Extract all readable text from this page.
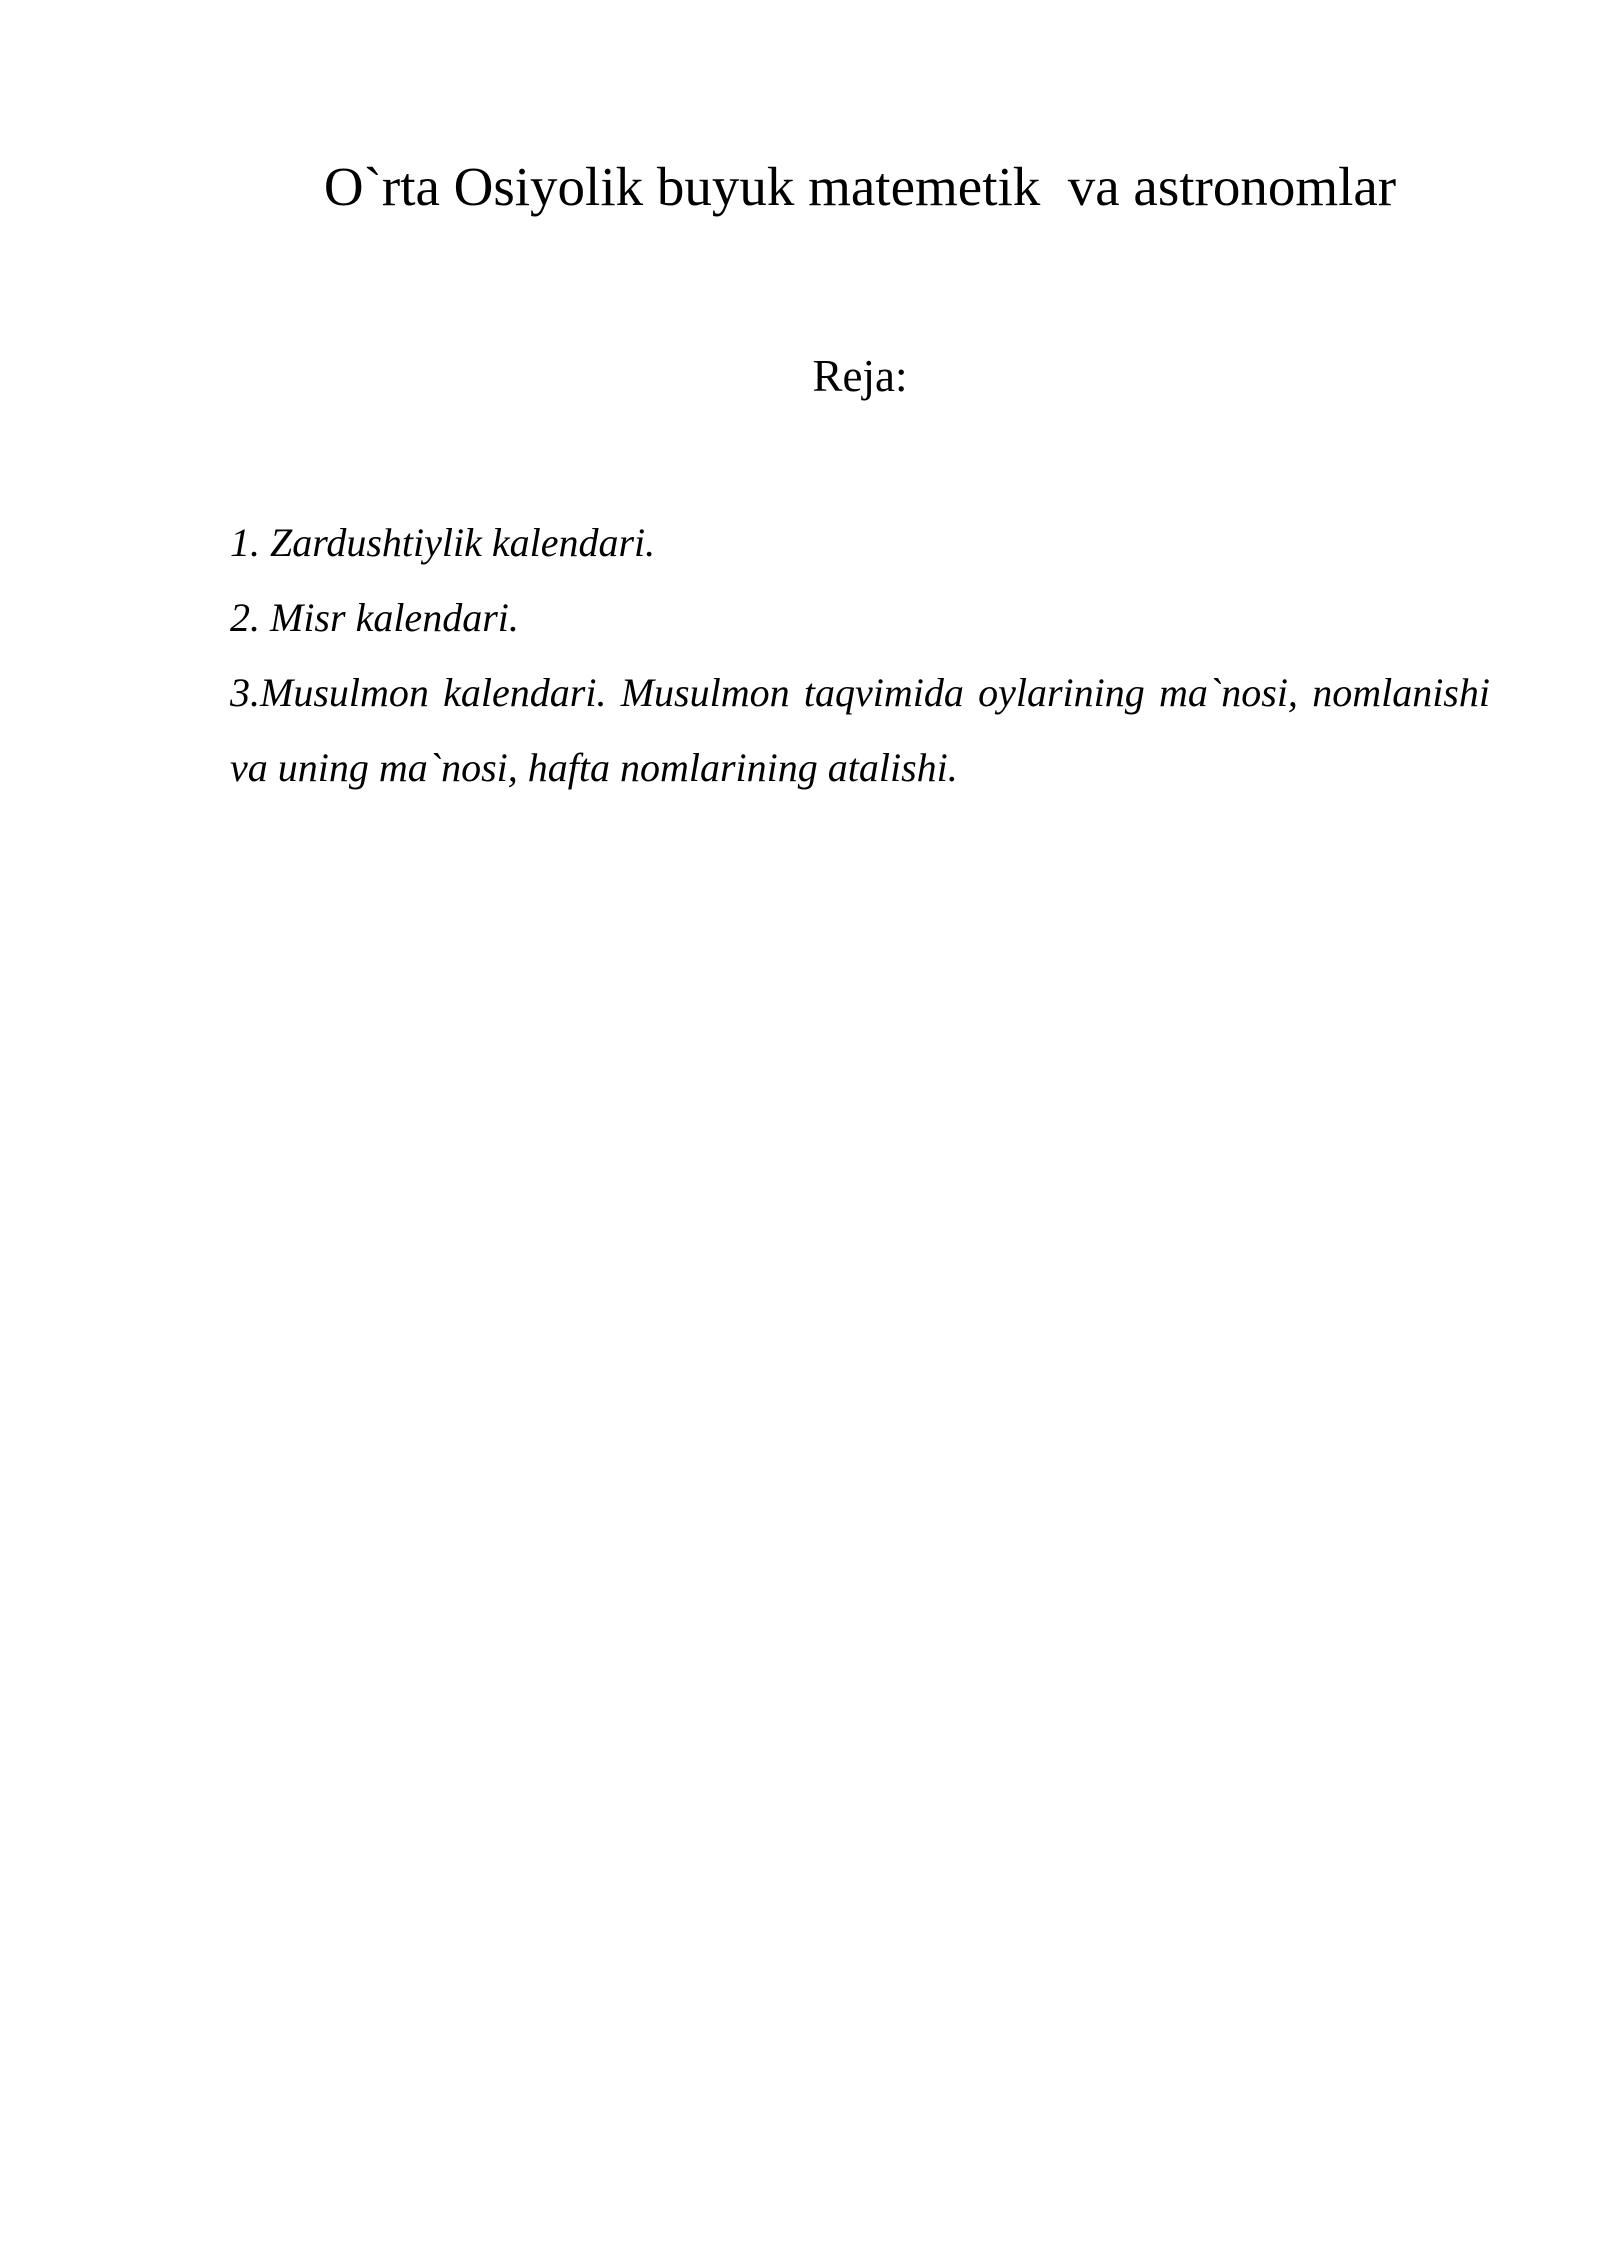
O`rta Osiyolik buyuk matemetik  va astronomlar
Reja:
1. Zardushtiylik kalendari.
2. Misr kalendari.
3.Musulmon kalendari. Musulmon taqvimida oylarining ma`nosi, nomlanishi va uning ma`nosi, hafta nomlarining atalishi.
